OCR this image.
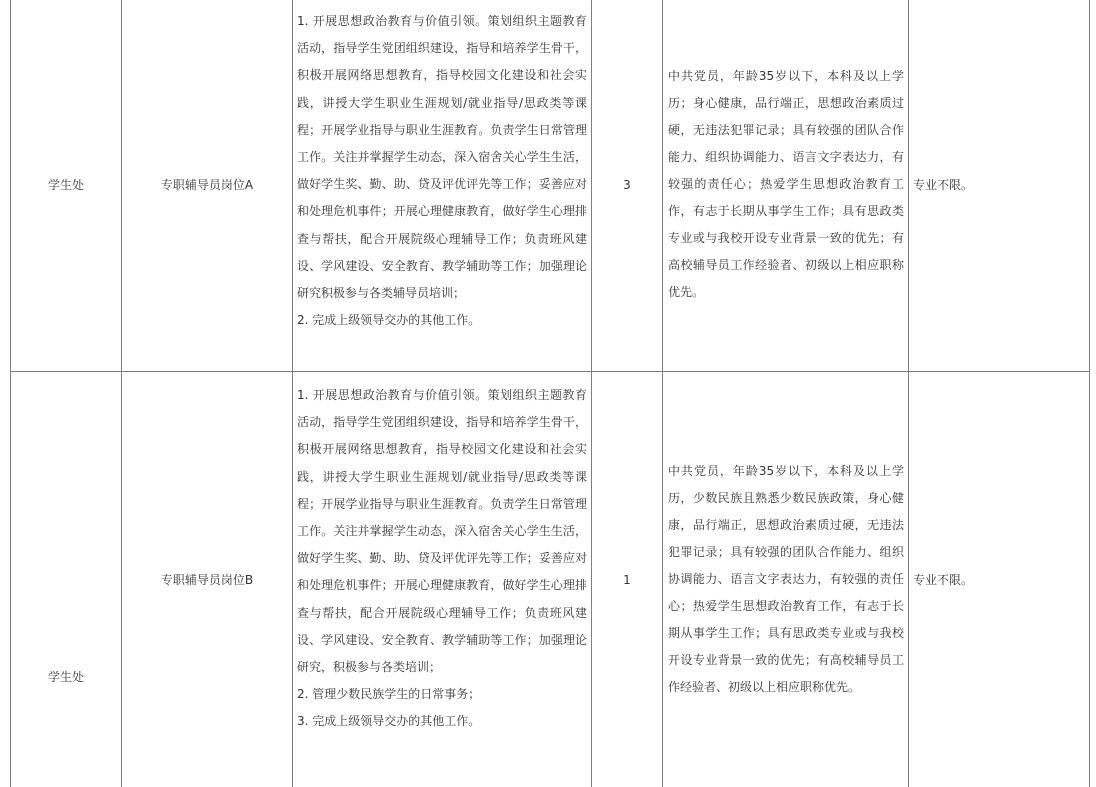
学生处	专职辅导员岗位A

1. 开展思想政治教育与价值引领。策划组织主题教育活动，指导学生党团组织建设，指导和培养学生骨干，积极开展网络思想教育，指导校园文化建设和社会实践，讲授大学生职业生涯规划/就业指导/思政类等课程；开展学业指导与职业生涯教育。负责学生日常管理工作。关注并掌握学生动态，深入宿舍关心学生生活，做好学生奖、勤、助、贷及评优评先等工作；妥善应对和处理危机事件；开展心理健康教育，做好学生心理排查与帮扶，配合开展院级心理辅导工作；负责班风建设、学风建设、安全教育、教学辅助等工作；加强理论研究积极参与各类辅导员培训；

2. 完成上级领导交办的其他工作。

3

中共党员，年龄35岁以下，本科及以上学历；身心健康，品行端正，思想政治素质过硬，无违法犯罪记录；具有较强的团队合作能力、组织协调能力、语言文字表达力，有较强的责任心；热爱学生思想政治教育工作，有志于长期从事学生工作；具有思政类专业或与我校开设专业背景一致的优先；有高校辅导员工作经验者、初级以上相应职称优先。

专业不限。
学生处
专职辅导员岗位B

1. 开展思想政治教育与价值引领。策划组织主题教育活动，指导学生党团组织建设，指导和培养学生骨干，积极开展网络思想教育，指导校园文化建设和社会实践，讲授大学生职业生涯规划/就业指导/思政类等课程；开展学业指导与职业生涯教育。负责学生日常管理工作。关注并掌握学生动态，深入宿舍关心学生生活，做好学生奖、勤、助、贷及评优评先等工作；妥善应对和处理危机事件；开展心理健康教育，做好学生心理排查与帮扶，配合开展院级心理辅导工作；负责班风建设、学风建设、安全教育、教学辅助等工作；加强理论研究，积极参与各类培训；

2. 管理少数民族学生的日常事务；

3. 完成上级领导交办的其他工作。

1

中共党员，年龄35岁以下，本科及以上学历，少数民族且熟悉少数民族政策，身心健康，品行端正，思想政治素质过硬，无违法犯罪记录；具有较强的团队合作能力、组织协调能力、语言文字表达力，有较强的责任心；热爱学生思想政治教育工作，有志于长期从事学生工作；具有思政类专业或与我校开设专业背景一致的优先；有高校辅导员工作经验者、初级以上相应职称优先。

专业不限。
